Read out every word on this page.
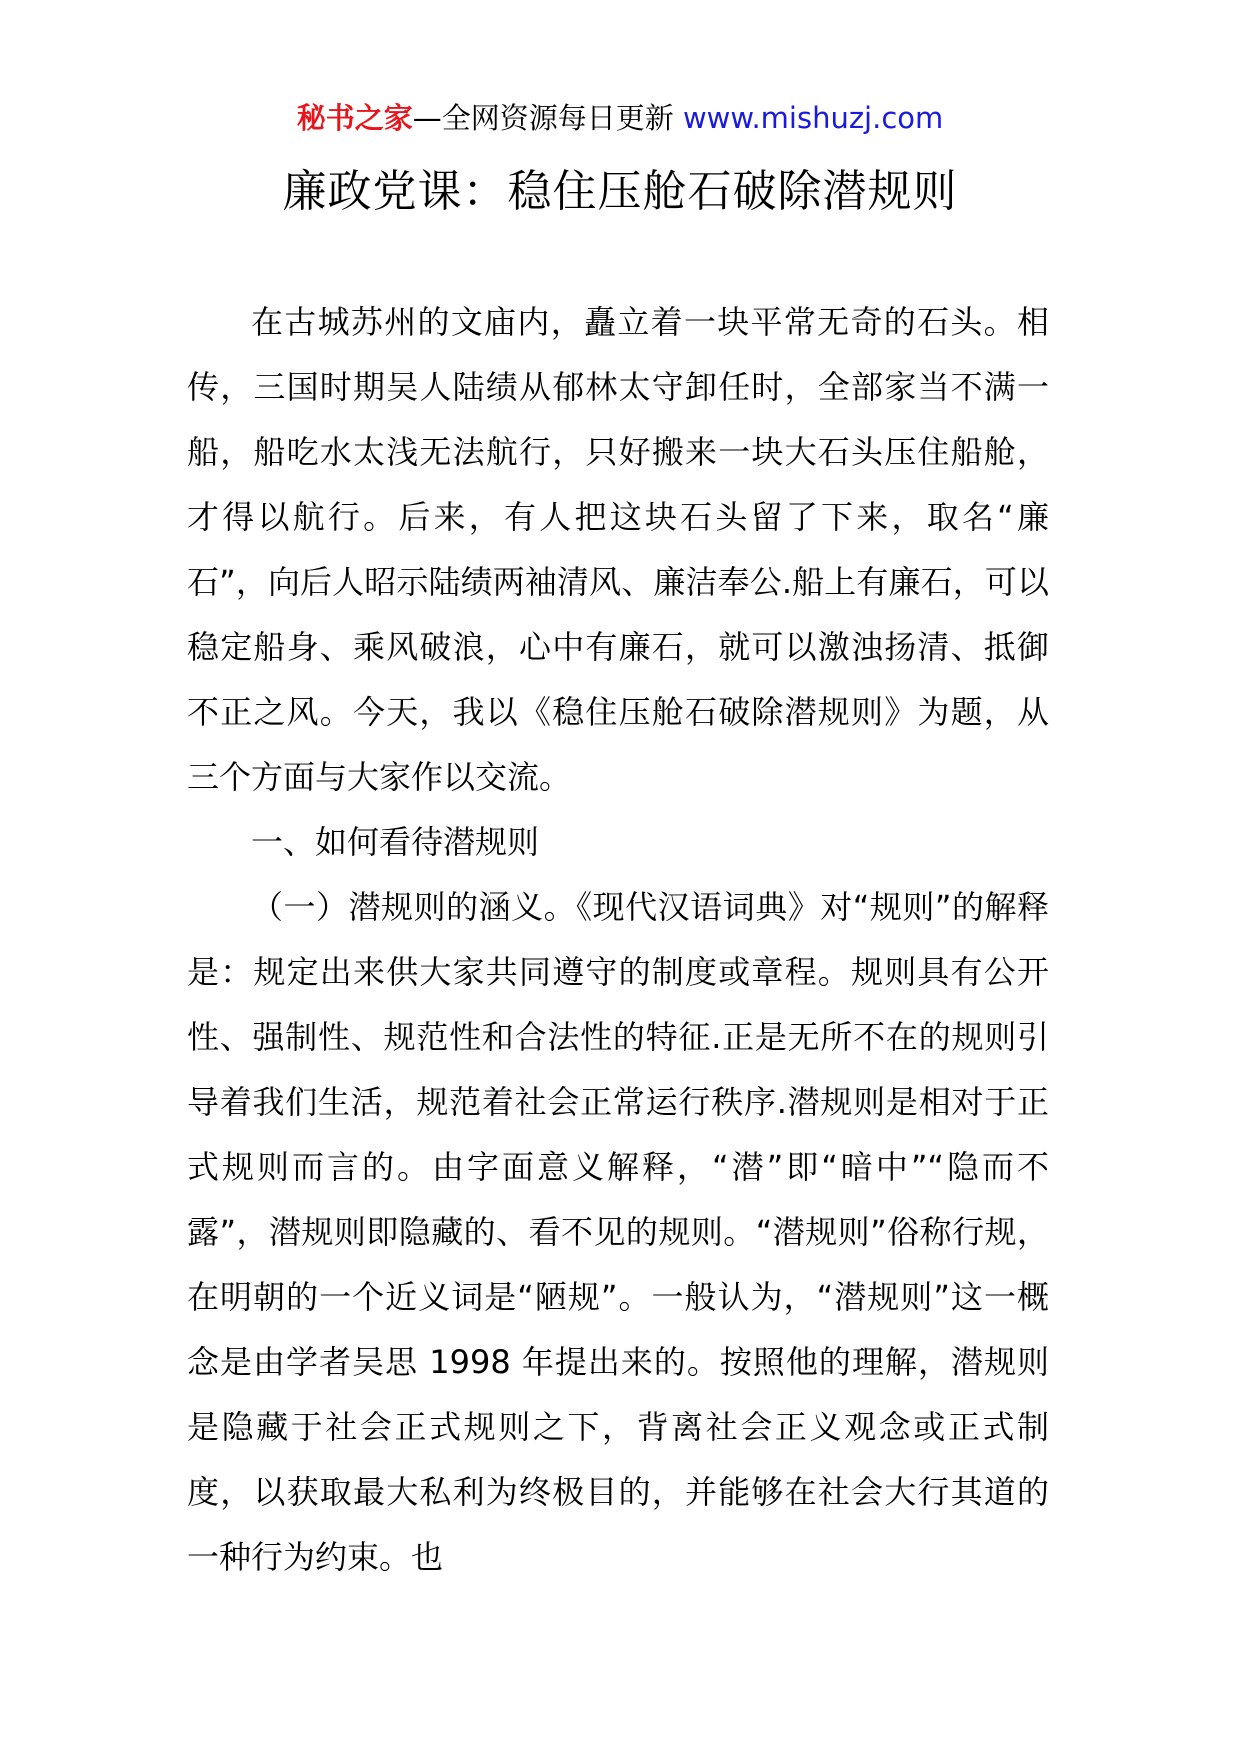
秘书之家—全网资源每日更新 www.mishuzj.com
廉政党课：稳住压舱石破除潜规则

在古城苏州的文庙内，矗立着一块平常无奇的石头。相传，三国时期吴人陆绩从郁林太守卸任时，全部家当不满一船，船吃水太浅无法航行，只好搬来一块大石头压住船舱，才得以航行。后来，有人把这块石头留了下来，取名“廉石”，向后人昭示陆绩两袖清风、廉洁奉公.船上有廉石，可以稳定船身、乘风破浪，心中有廉石，就可以激浊扬清、抵御不正之风。今天，我以《稳住压舱石破除潜规则》为题，从三个方面与大家作以交流。

一、如何看待潜规则

（一）潜规则的涵义。《现代汉语词典》对“规则”的解释是：规定出来供大家共同遵守的制度或章程。规则具有公开性、强制性、规范性和合法性的特征.正是无所不在的规则引导着我们生活，规范着社会正常运行秩序.潜规则是相对于正式规则而言的。由字面意义解释，“潜”即“暗中”“隐而不露”，潜规则即隐藏的、看不见的规则。“潜规则”俗称行规，在明朝的一个近义词是“陋规”。一般认为，“潜规则”这一概念是由学者吴思 1998 年提出来的。按照他的理解，潜规则是隐藏于社会正式规则之下，背离社会正义观念或正式制度，以获取最大私利为终极目的，并能够在社会大行其道的一种行为约束。也
